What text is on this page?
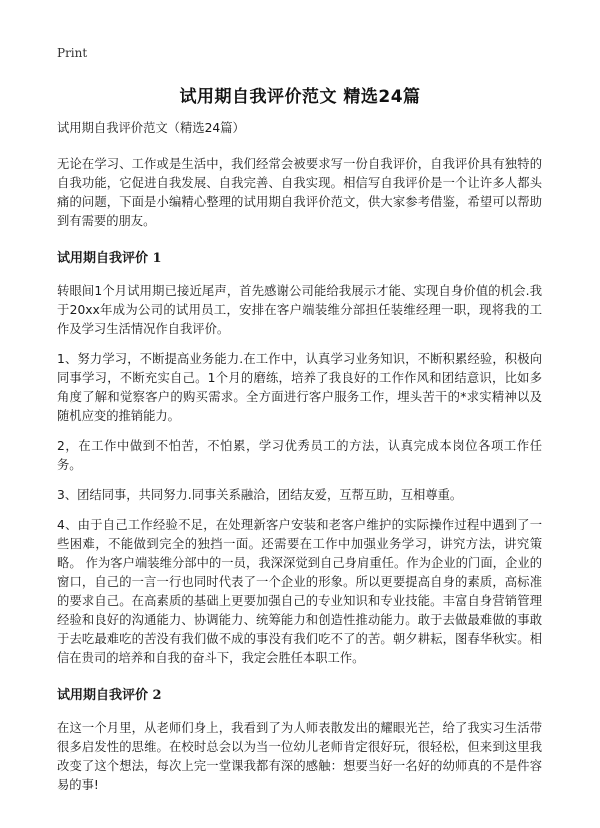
Print
试用期自我评价范文 精选24篇

试用期自我评价范文（精选24篇）

无论在学习、工作或是生活中，我们经常会被要求写一份自我评价，自我评价具有独特的自我功能，它促进自我发展、自我完善、自我实现。相信写自我评价是一个让许多人都头痛的问题，下面是小编精心整理的试用期自我评价范文，供大家参考借鉴，希望可以帮助到有需要的朋友。

试用期自我评价 1

转眼间1个月试用期已接近尾声，首先感谢公司能给我展示才能、实现自身价值的机会.我于20xx年成为公司的试用员工，安排在客户端装维分部担任装维经理一职，现将我的工作及学习生活情况作自我评价。

1、努力学习，不断提高业务能力.在工作中，认真学习业务知识，不断积累经验，积极向同事学习，不断充实自己。1个月的磨练，培养了我良好的工作作风和团结意识，比如多角度了解和觉察客户的购买需求。全方面进行客户服务工作，埋头苦干的*求实精神以及随机应变的推销能力。

2，在工作中做到不怕苦，不怕累，学习优秀员工的方法，认真完成本岗位各项工作任务。

3、团结同事，共同努力.同事关系融洽，团结友爱，互帮互助，互相尊重。

4、由于自己工作经验不足，在处理新客户安装和老客户维护的实际操作过程中遇到了一些困难，不能做到完全的独挡一面。还需要在工作中加强业务学习，讲究方法，讲究策略。 作为客户端装维分部中的一员，我深深觉到自己身肩重任。作为企业的门面，企业的窗口，自己的一言一行也同时代表了一个企业的形象。所以更要提高自身的素质，高标准的要求自己。在高素质的基础上更要加强自己的专业知识和专业技能。丰富自身营销管理经验和良好的沟通能力、协调能力、统筹能力和创造性推动能力。敢于去做最难做的事敢于去吃最难吃的苦没有我们做不成的事没有我们吃不了的苦。朝夕耕耘，图春华秋实。相信在贵司的培养和自我的奋斗下，我定会胜任本职工作。

试用期自我评价 2

在这一个月里，从老师们身上，我看到了为人师表散发出的耀眼光芒，给了我实习生活带很多启发性的思维。在校时总会以为当一位幼儿老师肯定很好玩，很轻松，但来到这里我改变了这个想法，每次上完一堂课我都有深的感触：想要当好一名好的幼师真的不是件容易的事!
